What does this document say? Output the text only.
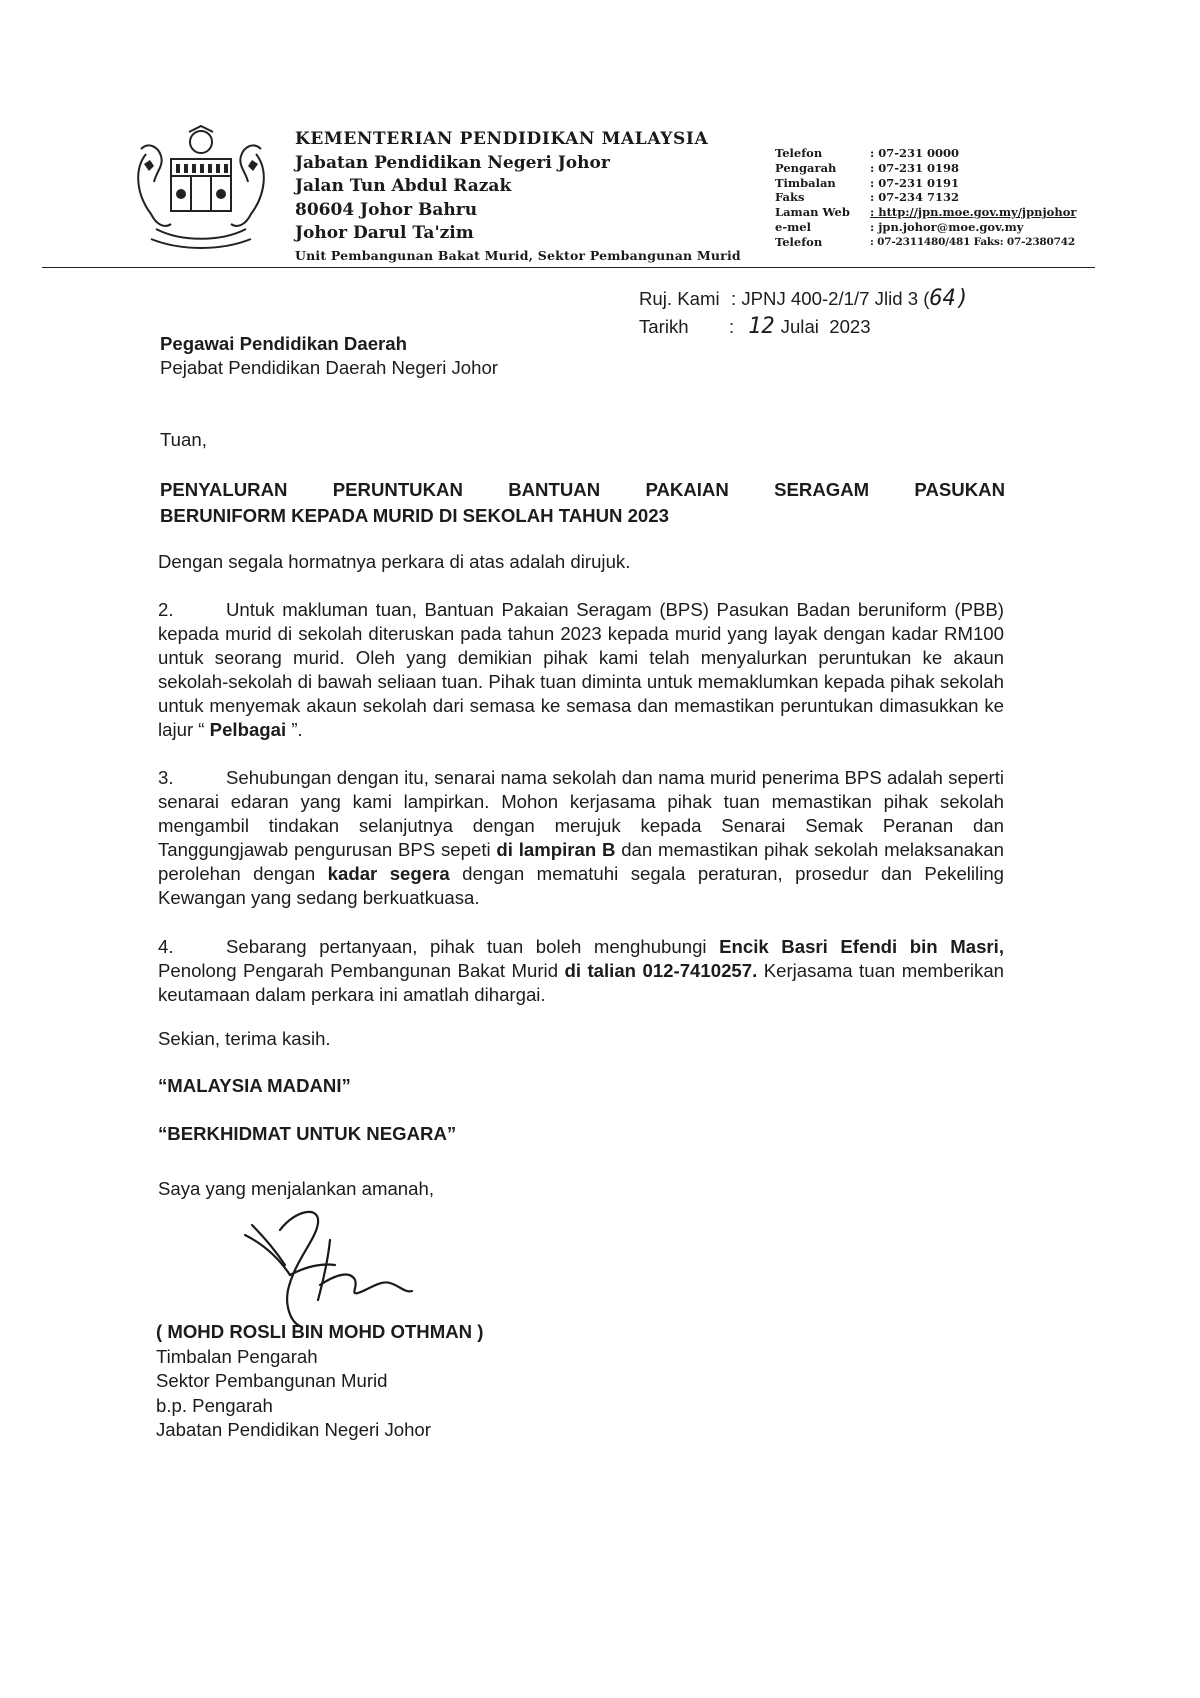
KEMENTERIAN PENDIDIKAN MALAYSIA
Jabatan Pendidikan Negeri Johor
Jalan Tun Abdul Razak
80604 Johor Bahru
Johor Darul Ta'zim
Unit Pembangunan Bakat Murid, Sektor Pembangunan Murid
Telefon	: 07-231 0000
Pengarah	: 07-231 0198
Timbalan	: 07-231 0191
Faks	: 07-234 7132
Laman Web	: http://jpn.moe.gov.my/jpnjohor
e-mel	: jpn.johor@moe.gov.my
Telefon	: 07-2311480/481 Faks: 07-2380742
Ruj. Kami : JPNJ 400-2/1/7 Jlid 3 ( 64)
Tarikh	: 12 Julai  2023
Pegawai Pendidikan Daerah
Pejabat Pendidikan Daerah Negeri Johor
Tuan,
PENYALURAN PERUNTUKAN BANTUAN PAKAIAN SERAGAM PASUKAN
BERUNIFORM KEPADA MURID DI SEKOLAH TAHUN 2023
Dengan segala hormatnya perkara di atas adalah dirujuk.
2.	Untuk makluman tuan, Bantuan Pakaian Seragam (BPS) Pasukan Badan beruniform (PBB) kepada murid di sekolah diteruskan pada tahun 2023 kepada murid yang layak dengan kadar RM100 untuk seorang murid. Oleh yang demikian pihak kami telah menyalurkan peruntukan ke akaun sekolah-sekolah di bawah seliaan tuan. Pihak tuan diminta untuk memaklumkan kepada pihak sekolah untuk menyemak akaun sekolah dari semasa ke semasa dan memastikan peruntukan dimasukkan ke lajur “ Pelbagai ”.
3.	Sehubungan dengan itu, senarai nama sekolah dan nama murid penerima BPS adalah seperti senarai edaran yang kami lampirkan. Mohon kerjasama pihak tuan memastikan pihak sekolah mengambil tindakan selanjutnya dengan merujuk kepada Senarai Semak Peranan dan Tanggungjawab pengurusan BPS sepeti di lampiran B dan memastikan pihak sekolah melaksanakan perolehan dengan kadar segera dengan mematuhi segala peraturan, prosedur dan Pekeliling Kewangan yang sedang berkuatkuasa.
4.	Sebarang pertanyaan, pihak tuan boleh menghubungi Encik Basri Efendi bin Masri, Penolong Pengarah Pembangunan Bakat Murid di talian 012-7410257. Kerjasama tuan memberikan keutamaan dalam perkara ini amatlah dihargai.
Sekian, terima kasih.
“MALAYSIA MADANI”
“BERKHIDMAT UNTUK NEGARA”
Saya yang menjalankan amanah,
( MOHD ROSLI BIN MOHD OTHMAN )
Timbalan Pengarah
Sektor Pembangunan Murid
b.p. Pengarah
Jabatan Pendidikan Negeri Johor
